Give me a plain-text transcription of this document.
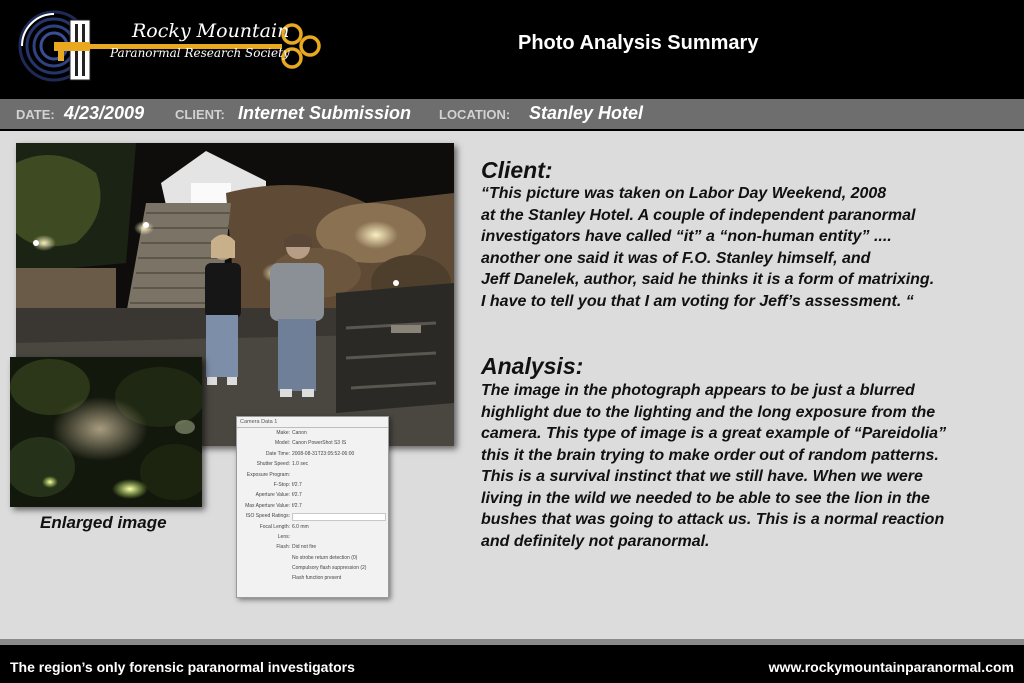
Rocky Mountain
Paranormal Research Society	Photo Analysis Summary
DATE: 4/23/2009 CLIENT: Internet Submission LOCATION: Stanley Hotel
Enlarged image
Camera Data 1
Make: Canon
Model: Canon PowerShot S3 IS
Date Time: 2008-08-31T23:05:52-06:00
Shutter Speed: 1.0 sec
Exposure Program:
F-Stop: f/2.7
Aperture Value: f/2.7
Max Aperture Value: f/2.7
ISO Speed Ratings:
Focal Length: 6.0 mm
Lens:
Flash: Did not fire
No strobe return detection (0)
Compulsory flash suppression (2)
Flash function present
Client:
“This picture was taken on Labor Day Weekend, 2008
at the Stanley Hotel. A couple of independent paranormal
investigators have called “it” a “non-human entity” ....
another one said it was of F.O. Stanley himself, and
Jeff Danelek, author, said he thinks it is a form of matrixing.
I have to tell you that I am voting for Jeff’s assessment. “
Analysis:
The image in the photograph appears to be just a blurred
highlight due to the lighting and the long exposure from the
camera. This type of image is a great example of “Pareidolia”
this it the brain trying to make order out of random patterns.
This is a survival instinct that we still have. When we were
living in the wild we needed to be able to see the lion in the
bushes that was going to attack us. This is a normal reaction
and definitely not paranormal.
The region’s only forensic paranormal investigators	www.rockymountainparanormal.com
